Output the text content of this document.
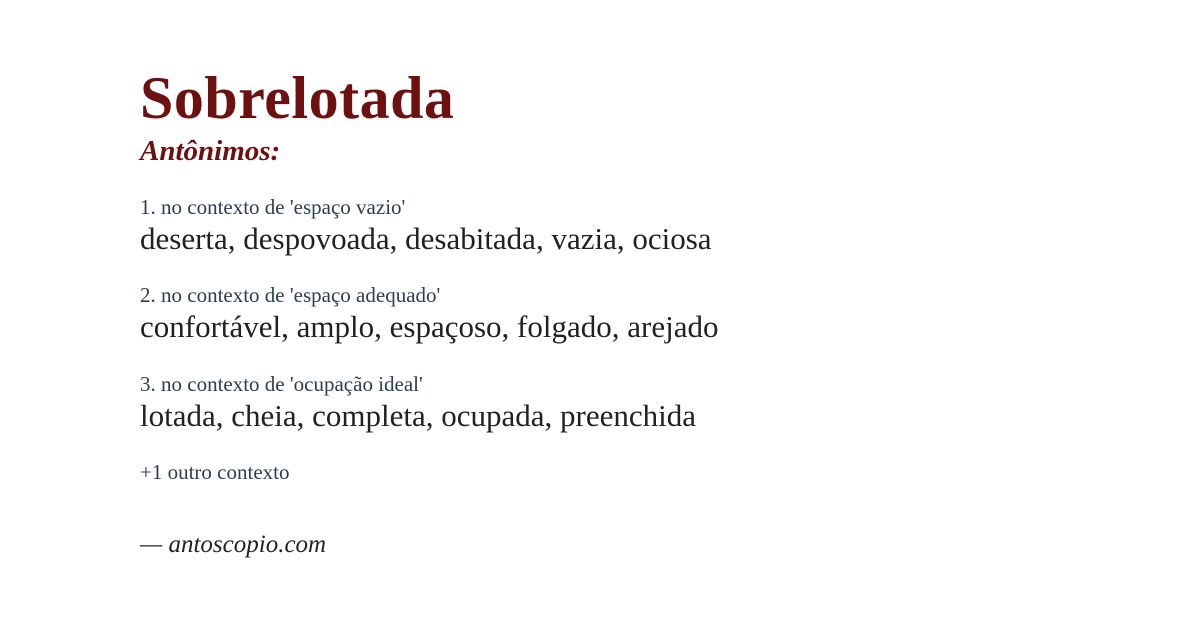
Sobrelotada
Antônimos:
1. no contexto de 'espaço vazio'
deserta, despovoada, desabitada, vazia, ociosa
2. no contexto de 'espaço adequado'
confortável, amplo, espaçoso, folgado, arejado
3. no contexto de 'ocupação ideal'
lotada, cheia, completa, ocupada, preenchida
+1 outro contexto
— antoscopio.com
